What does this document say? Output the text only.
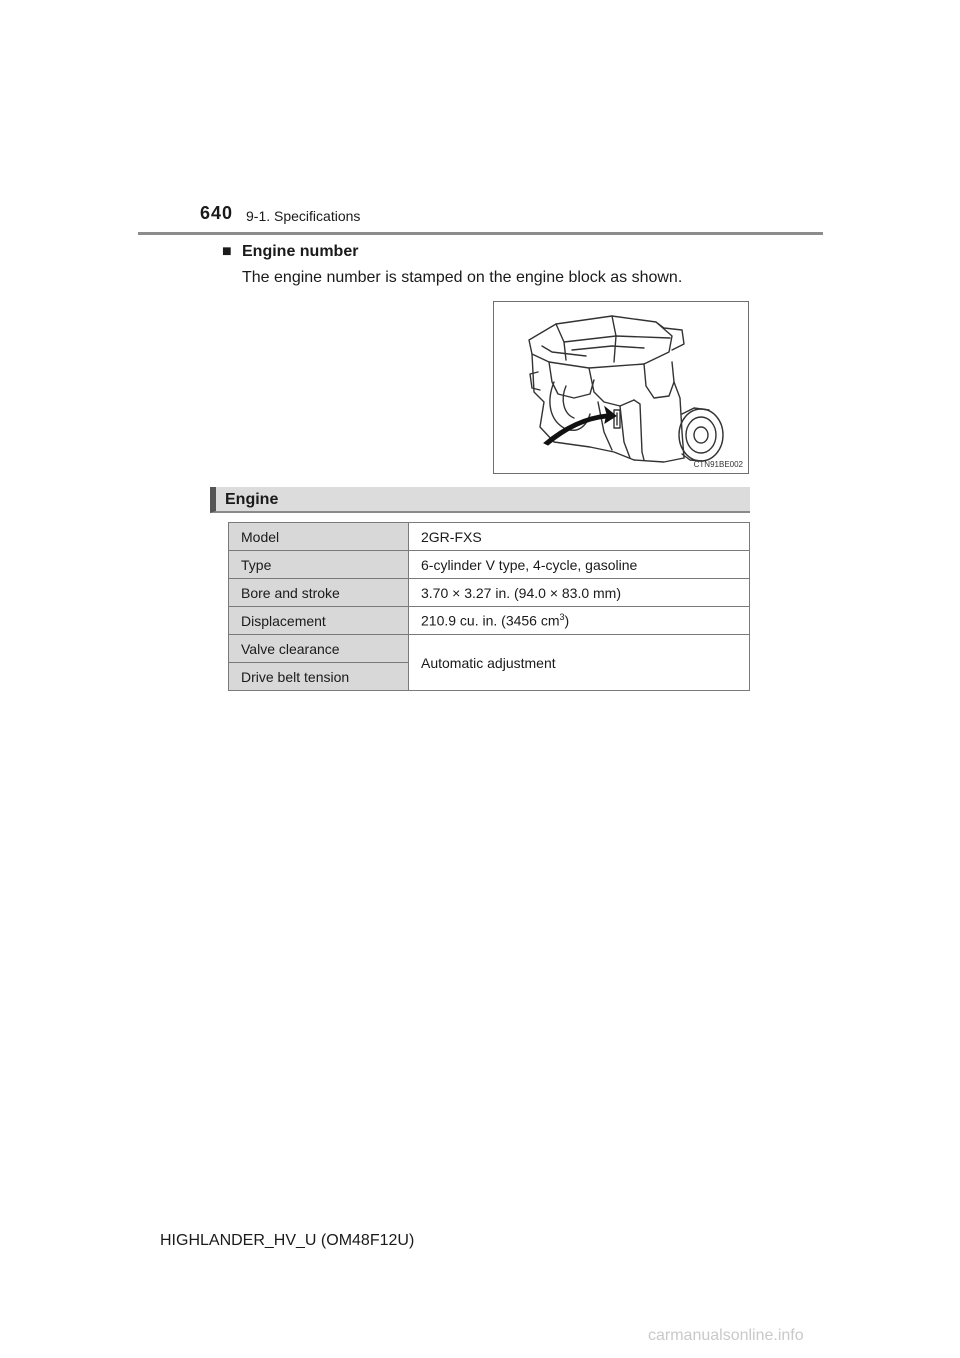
640 9-1. Specifications
■ Engine number
The engine number is stamped on the engine block as shown.
CTN91BE002
Engine
Model	2GR-FXS
Type	6-cylinder V type, 4-cycle, gasoline
Bore and stroke	3.70 × 3.27 in. (94.0 × 83.0 mm)
Displacement	210.9 cu. in. (3456 $cm^3$)
Valve clearance	Automatic adjustment
Drive belt tension	
HIGHLANDER_HV_U (OM48F12U)
carmanualsonline.info
